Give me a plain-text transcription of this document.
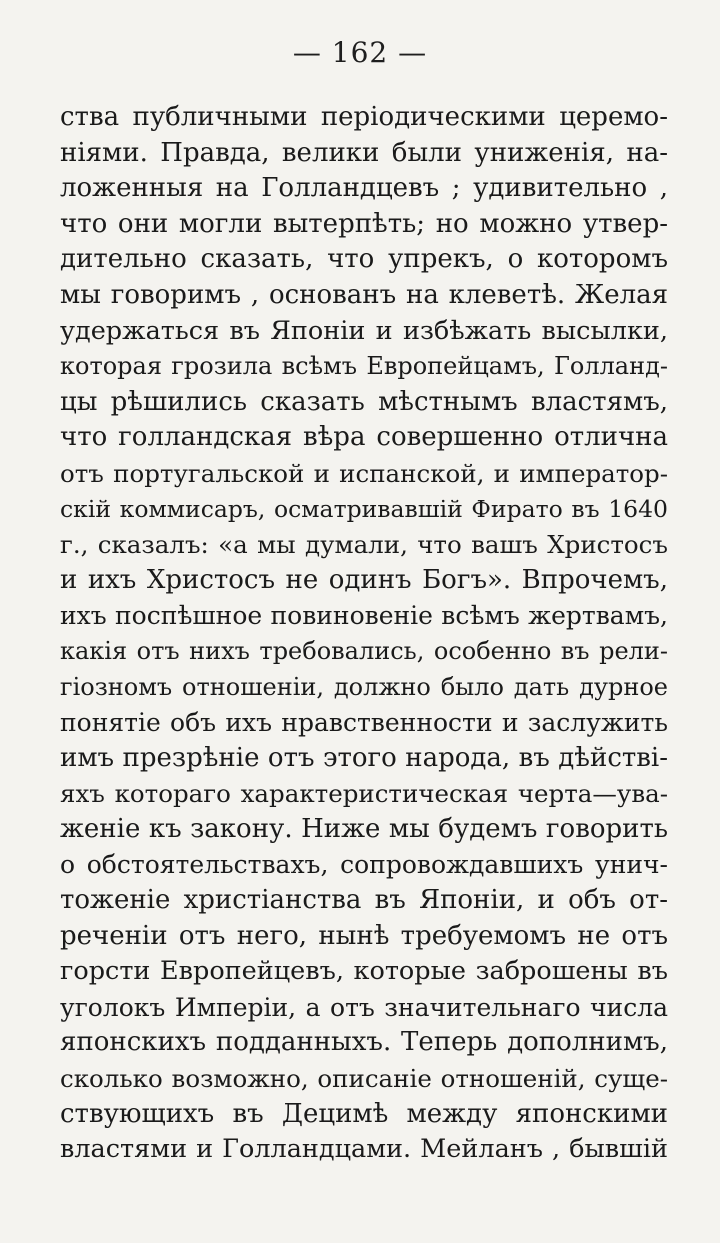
— 162 —
ства публичными періодическими церемо-
ніями. Правда, велики были униженія, на-
ложенныя на Голландцевъ ; удивительно ,
что они могли вытерпѣть; но можно утвер-
дительно сказать, что упрекъ, о которомъ
мы говоримъ , основанъ на клеветѣ. Желая
удержаться въ Японіи и избѣжать высылки,
которая грозила всѣмъ Европейцамъ, Голланд-
цы рѣшились сказать мѣстнымъ властямъ,
что голландская вѣра совершенно отлична
отъ португальской и испанской, и император-
скій коммисаръ, осматривавшій Фирато въ 1640
г., сказалъ: «а мы думали, что вашъ Христосъ
и ихъ Христосъ не одинъ Богъ». Впрочемъ,
ихъ поспѣшное повиновеніе всѣмъ жертвамъ,
какія отъ нихъ требовались, особенно въ рели-
гіозномъ отношеніи, должно было дать дурное
понятіе объ ихъ нравственности и заслужить
имъ презрѣніе отъ этого народа, въ дѣйствi-
яхъ котораго характеристическая черта—ува-
женіе къ закону. Ниже мы будемъ говорить
о обстоятельствахъ, сопровождавшихъ унич-
тоженіе христіанства въ Японіи, и объ от-
реченіи отъ него, нынѣ требуемомъ не отъ
горсти Европейцевъ, которые заброшены въ
уголокъ Имперіи, а отъ значительнаго числа
японскихъ подданныхъ. Теперь дополнимъ,
сколько возможно, описаніе отношеній, суще-
ствующихъ въ Децимѣ между японскими
властями и Голландцами. Мейланъ , бывшій
